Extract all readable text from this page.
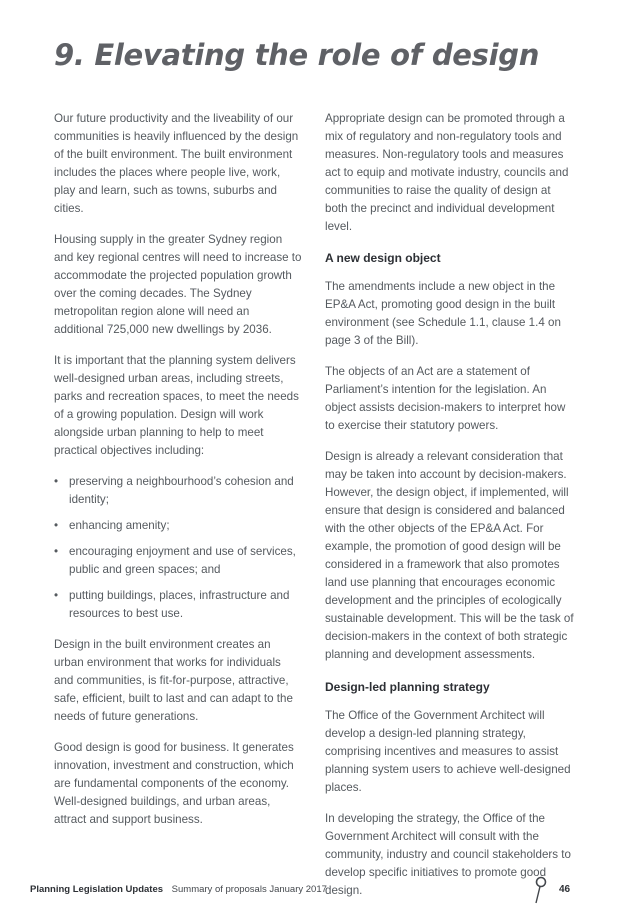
9. Elevating the role of design

Our future productivity and the liveability of our communities is heavily influenced by the design of the built environment. The built environment includes the places where people live, work, play and learn, such as towns, suburbs and cities.

Housing supply in the greater Sydney region and key regional centres will need to increase to accommodate the projected population growth over the coming decades. The Sydney metropolitan region alone will need an additional 725,000 new dwellings by 2036.

It is important that the planning system delivers well-designed urban areas, including streets, parks and recreation spaces, to meet the needs of a growing population. Design will work alongside urban planning to help to meet practical objectives including:

• preserving a neighbourhood’s cohesion and identity;
• enhancing amenity;
• encouraging enjoyment and use of services, public and green spaces; and
• putting buildings, places, infrastructure and resources to best use.

Design in the built environment creates an urban environment that works for individuals and communities, is fit-for-purpose, attractive, safe, efficient, built to last and can adapt to the needs of future generations.

Good design is good for business. It generates innovation, investment and construction, which are fundamental components of the economy. Well-designed buildings, and urban areas, attract and support business.

Appropriate design can be promoted through a mix of regulatory and non-regulatory tools and measures. Non-regulatory tools and measures act to equip and motivate industry, councils and communities to raise the quality of design at both the precinct and individual development level.

A new design object

The amendments include a new object in the EP&A Act, promoting good design in the built environment (see Schedule 1.1, clause 1.4 on page 3 of the Bill).

The objects of an Act are a statement of Parliament’s intention for the legislation. An object assists decision-makers to interpret how to exercise their statutory powers.

Design is already a relevant consideration that may be taken into account by decision-makers. However, the design object, if implemented, will ensure that design is considered and balanced with the other objects of the EP&A Act. For example, the promotion of good design will be considered in a framework that also promotes land use planning that encourages economic development and the principles of ecologically sustainable development. This will be the task of decision-makers in the context of both strategic planning and development assessments.

Design-led planning strategy

The Office of the Government Architect will develop a design-led planning strategy, comprising incentives and measures to assist planning system users to achieve well-designed places.

In developing the strategy, the Office of the Government Architect will consult with the community, industry and council stakeholders to develop specific initiatives to promote good design.

Planning Legislation Updates Summary of proposals January 2017	46
